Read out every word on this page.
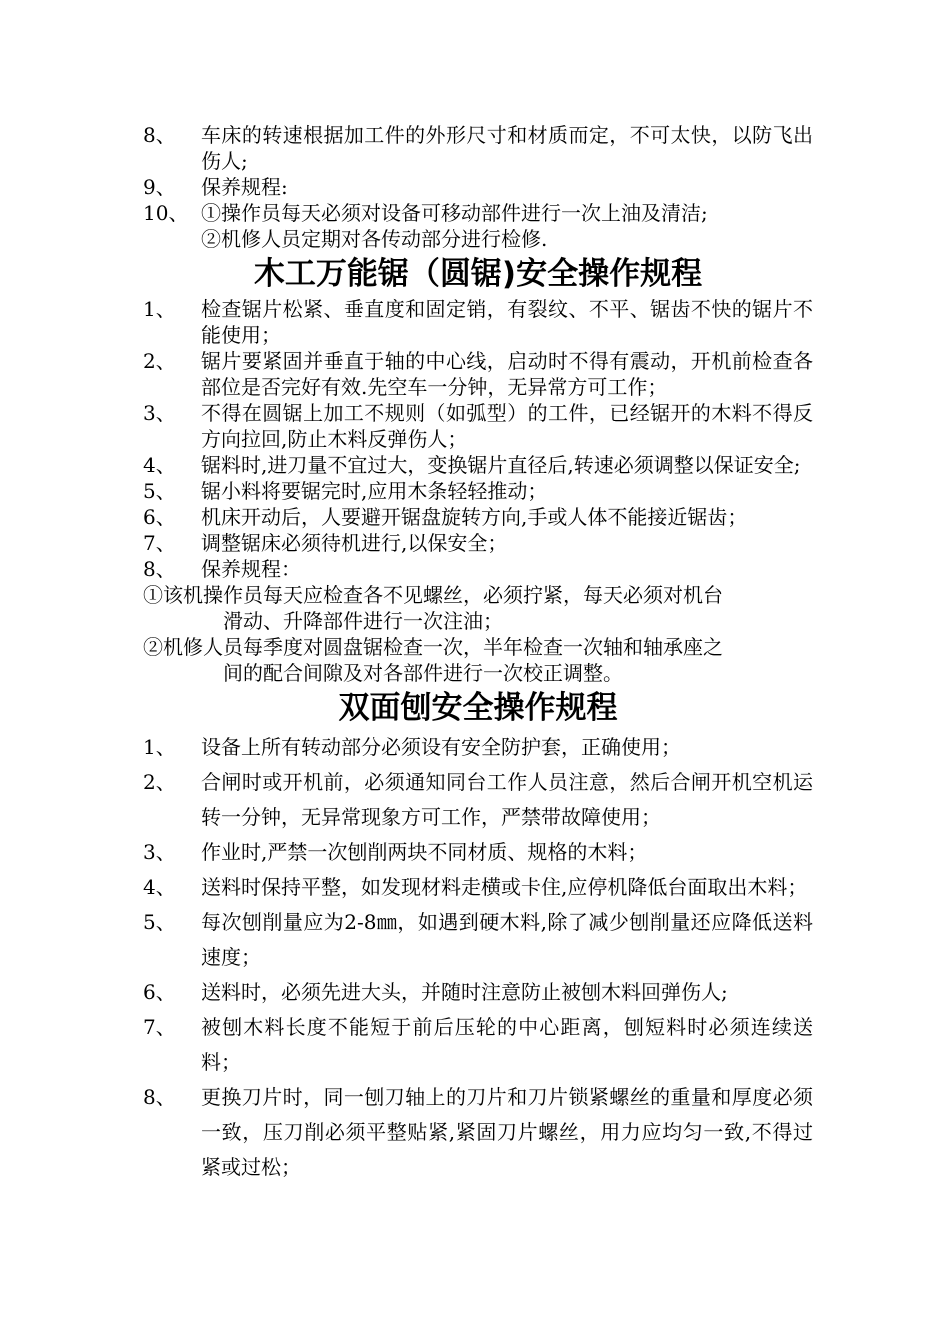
8、	车床的转速根据加工件的外形尺寸和材质而定，不可太快，以防飞出伤人;
9、	保养规程:
10、 ①操作员每天必须对设备可移动部件进行一次上油及清洁;
②机修人员定期对各传动部分进行检修.
木工万能锯（圆锯)安全操作规程
1、	检查锯片松紧、垂直度和固定销，有裂纹、不平、锯齿不快的锯片不能使用；
2、	锯片要紧固并垂直于轴的中心线，启动时不得有震动，开机前检查各部位是否完好有效.先空车一分钟，无异常方可工作；
3、	不得在圆锯上加工不规则（如弧型）的工件，已经锯开的木料不得反方向拉回,防止木料反弹伤人；
4、	锯料时,进刀量不宜过大，变换锯片直径后,转速必须调整以保证安全;
5、	锯小料将要锯完时,应用木条轻轻推动；
6、	机床开动后，人要避开锯盘旋转方向,手或人体不能接近锯齿；
7、	调整锯床必须待机进行,以保安全；
8、	保养规程：
①该机操作员每天应检查各不见螺丝，必须拧紧，每天必须对机台
滑动、升降部件进行一次注油；
②机修人员每季度对圆盘锯检查一次，半年检查一次轴和轴承座之
间的配合间隙及对各部件进行一次校正调整。
双面刨安全操作规程
1、	设备上所有转动部分必须设有安全防护套，正确使用；
2、	合闸时或开机前，必须通知同台工作人员注意，然后合闸开机空机运转一分钟，无异常现象方可工作，严禁带故障使用；
3、	作业时,严禁一次刨削两块不同材质、规格的木料；
4、	送料时保持平整，如发现材料走横或卡住,应停机降低台面取出木料；
5、	每次刨削量应为2-8㎜，如遇到硬木料,除了减少刨削量还应降低送料速度；
6、	送料时，必须先进大头，并随时注意防止被刨木料回弹伤人;
7、	被刨木料长度不能短于前后压轮的中心距离，刨短料时必须连续送料；
8、	更换刀片时，同一刨刀轴上的刀片和刀片锁紧螺丝的重量和厚度必须一致，压刀削必须平整贴紧,紧固刀片螺丝，用力应均匀一致,不得过紧或过松；
